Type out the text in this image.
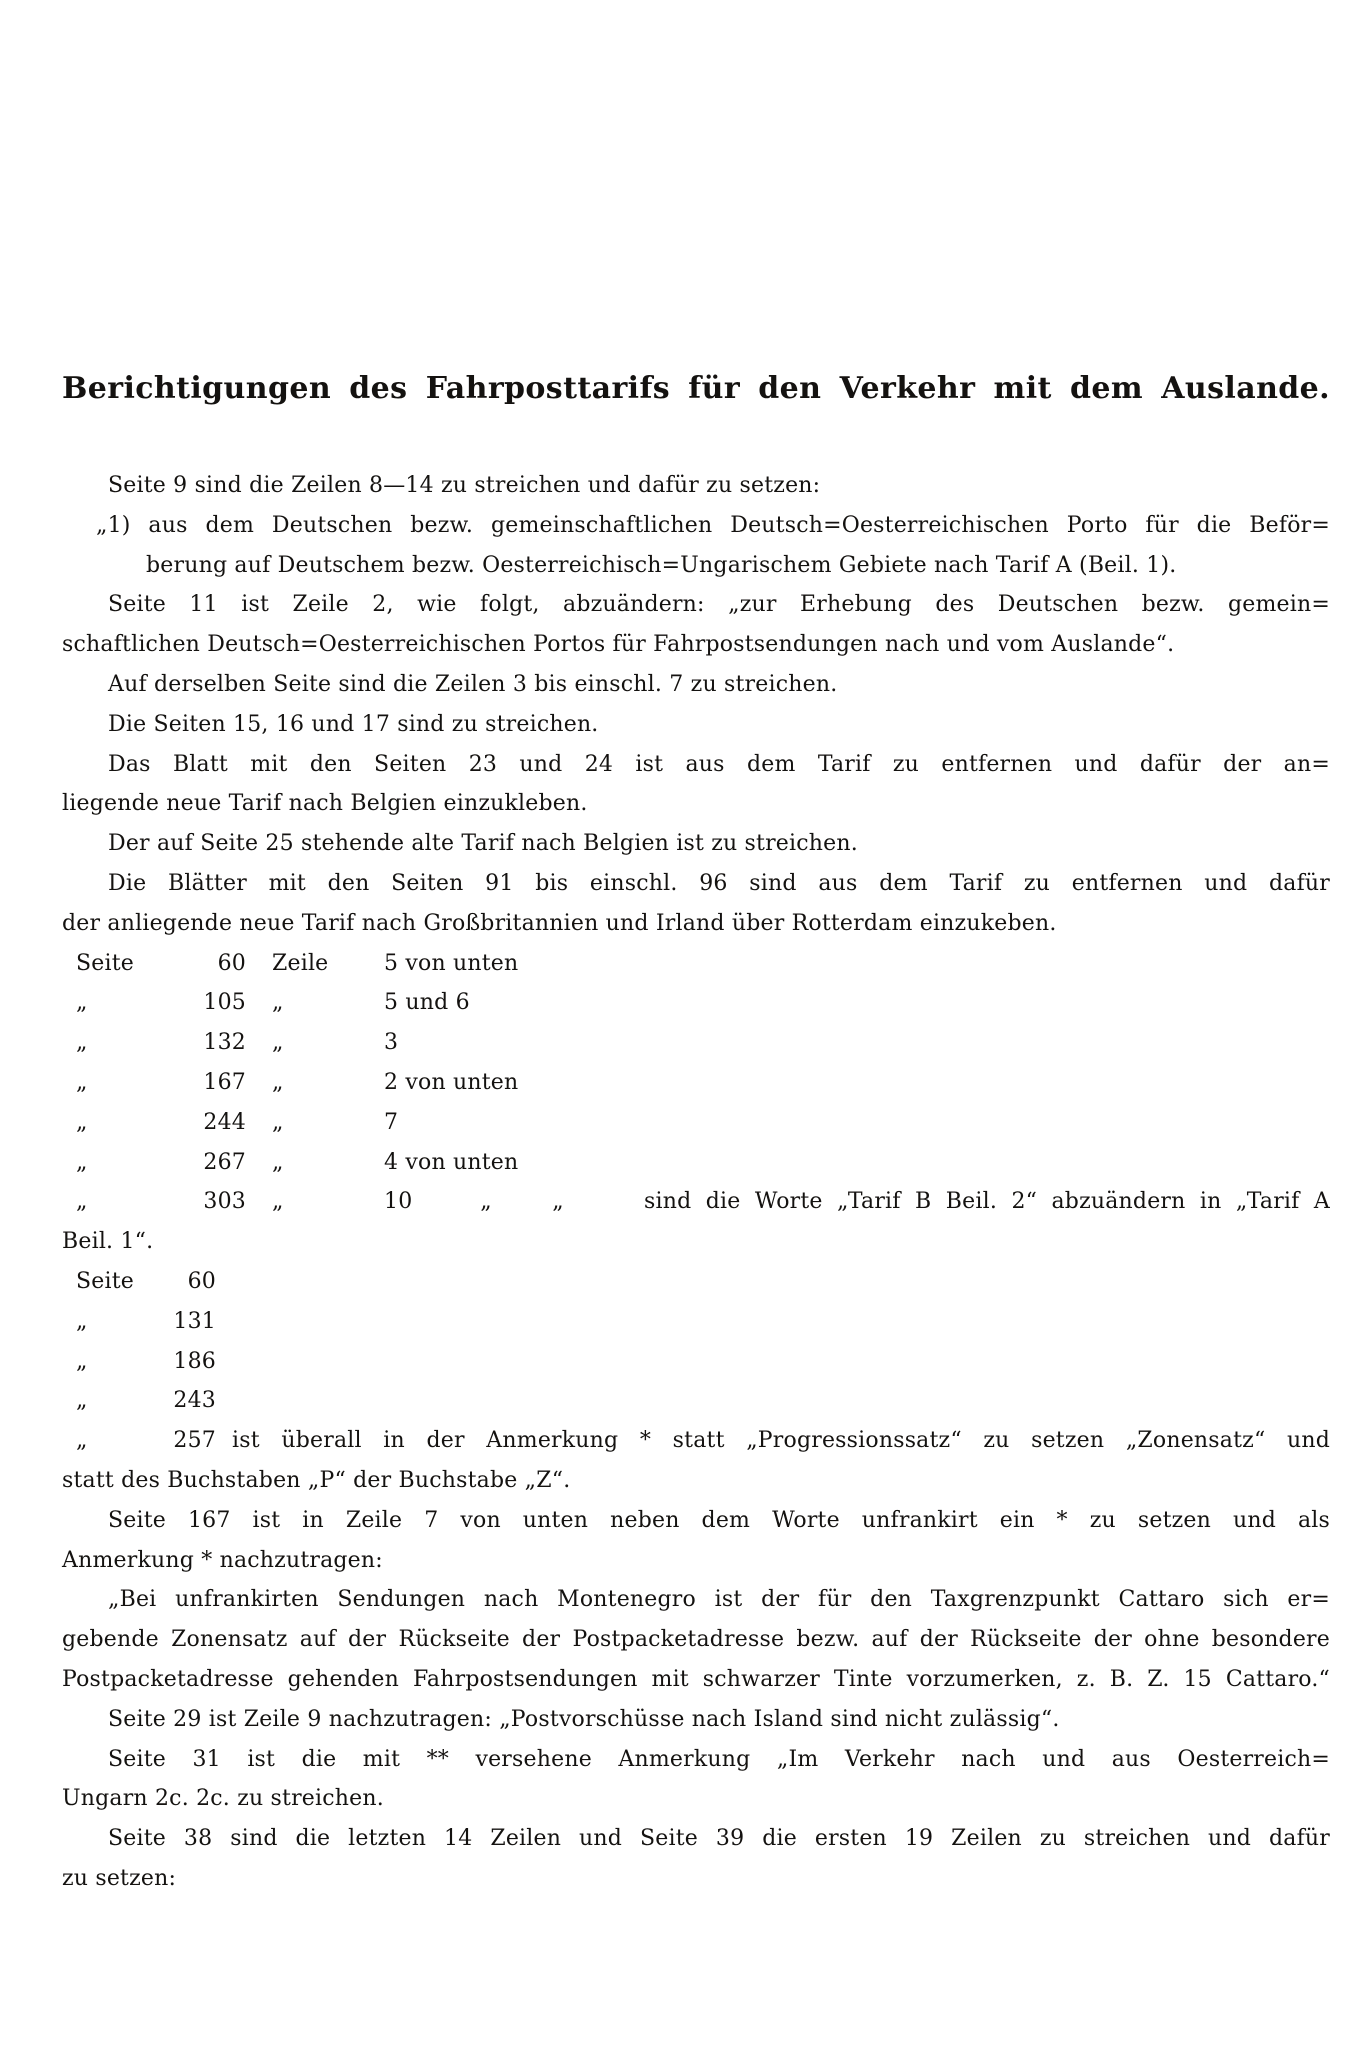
Berichtigungen des Fahrposttarifs für den Verkehr mit dem Auslande.
Seite 9 sind die Zeilen 8—14 zu streichen und dafür zu setzen:
„1) aus dem Deutschen bezw. gemeinschaftlichen Deutsch=Oesterreichischen Porto für die Beför=
berung auf Deutschem bezw. Oesterreichisch=Ungarischem Gebiete nach Tarif A (Beil. 1).
Seite 11 ist Zeile 2, wie folgt, abzuändern: „zur Erhebung des Deutschen bezw. gemein=
schaftlichen Deutsch=Oesterreichischen Portos für Fahrpostsendungen nach und vom Auslande“.
Auf derselben Seite sind die Zeilen 3 bis einschl. 7 zu streichen.
Die Seiten 15, 16 und 17 sind zu streichen.
Das Blatt mit den Seiten 23 und 24 ist aus dem Tarif zu entfernen und dafür der an=
liegende neue Tarif nach Belgien einzukleben.
Der auf Seite 25 stehende alte Tarif nach Belgien ist zu streichen.
Die Blätter mit den Seiten 91 bis einschl. 96 sind aus dem Tarif zu entfernen und dafür
der anliegende neue Tarif nach Großbritannien und Irland über Rotterdam einzukeben.
Seite	60	Zeile	5 von unten
„	105	„	5 und 6
„	132	„	3
„	167	„	2 von unten
„	244	„	7
„	267	„	4 von unten
„	303	„	10	„	„	sind die Worte „Tarif B Beil. 2“ abzuändern in „Tarif A
Beil. 1“.
Seite	60
„	131
„	186
„	243
„	257 ist überall in der Anmerkung * statt „Progressionssatz“ zu setzen „Zonensatz“ und
statt des Buchstaben „P“ der Buchstabe „Z“.
Seite 167 ist in Zeile 7 von unten neben dem Worte unfrankirt ein * zu setzen und als
Anmerkung * nachzutragen:
„Bei unfrankirten Sendungen nach Montenegro ist der für den Taxgrenzpunkt Cattaro sich er=
gebende Zonensatz auf der Rückseite der Postpacketadresse bezw. auf der Rückseite der ohne besondere
Postpacketadresse gehenden Fahrpostsendungen mit schwarzer Tinte vorzumerken, z. B. Z. 15 Cattaro.“
Seite 29 ist Zeile 9 nachzutragen: „Postvorschüsse nach Island sind nicht zulässig“.
Seite 31 ist die mit ** versehene Anmerkung „Im Verkehr nach und aus Oesterreich=
Ungarn 2c. 2c. zu streichen.
Seite 38 sind die letzten 14 Zeilen und Seite 39 die ersten 19 Zeilen zu streichen und dafür
zu setzen:
